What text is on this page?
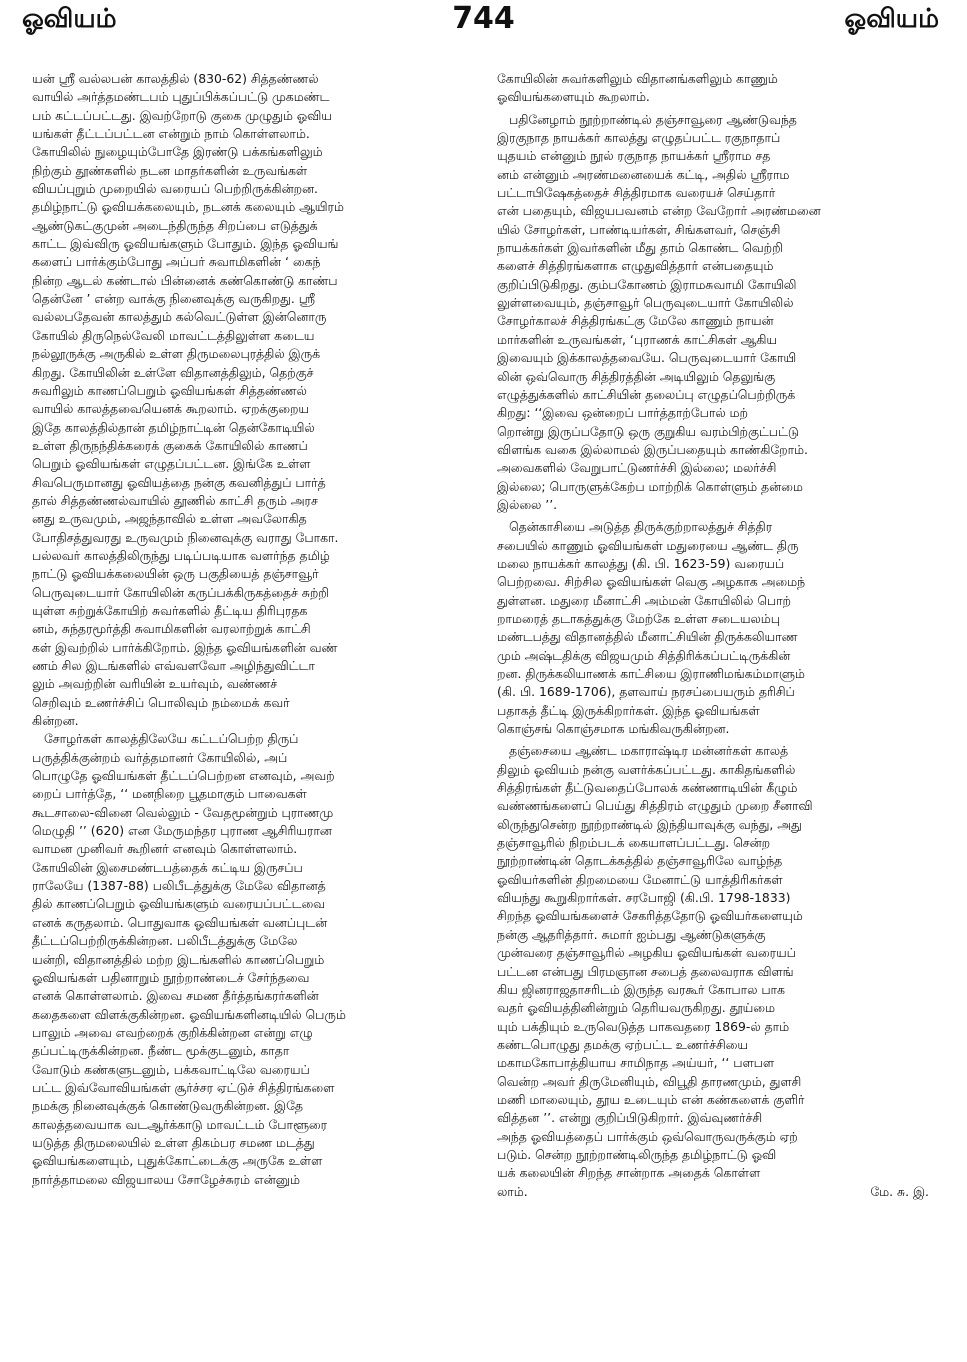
ஓவியம்	744	ஓவியம்
யன் ஸ்ரீ வல்லபன் காலத்தில் (830-62) சித்தண்ணல்
வாயில் அர்த்தமண்டபம் புதுப்பிக்கப்பட்டு முகமண்ட
பம் கட்டப்பட்டது. இவற்றோடு குகை முழுதும் ஓவிய
யங்கள் தீட்டப்பட்டன என்றும் நாம் கொள்ளலாம்.
கோயிலில் நுழையும்போதே இரண்டு பக்கங்களிலும்
நிற்கும் தூண்களில் நடன மாதர்களின் உருவங்கள்
வியப்புறும் முறையில் வரையப் பெற்றிருக்கின்றன.
தமிழ்நாட்டு ஓவியக்கலையும், நடனக் கலையும் ஆயிரம்
ஆண்டுகட்குமுன் அடைந்திருந்த சிறப்பை எடுத்துக்
காட்ட இவ்விரு ஓவியங்களும் போதும். இந்த ஓவியங்
களைப் பார்க்கும்போது அப்பர் சுவாமிகளின் ‘ கைந்
நின்ற ஆடல் கண்டால் பின்னைக் கண்கொண்டு காண்ப
தென்னே ’ என்ற வாக்கு நினைவுக்கு வருகிறது. ஸ்ரீ
வல்லபதேவன் காலத்தும் கல்வெட்டுள்ள இன்னொரு
கோயில் திருநெல்வேலி மாவட்டத்திலுள்ள கடைய
நல்லூருக்கு அருகில் உள்ள திருமலைபுரத்தில் இருக்
கிறது. கோயிலின் உள்ளே விதானத்திலும், தெற்குச்
சுவரிலும் காணப்பெறும் ஓவியங்கள் சித்தண்ணல்
வாயில் காலத்தவையெனக் கூறலாம். ஏறக்குறைய
இதே காலத்தில்தான் தமிழ்நாட்டின் தென்கோடியில்
உள்ள திருநந்திக்கரைக் குகைக் கோயிலில் காணப்
பெறும் ஓவியங்கள் எழுதப்பட்டன. இங்கே உள்ள
சிவபெருமானது ஓவியத்தை நன்கு கவனித்துப் பார்த்
தால் சித்தண்ணல்வாயில் தூணில் காட்சி தரும் அரச
னது உருவமும், அஜந்தாவில் உள்ள அவலோகித
போதிசத்துவரது உருவமும் நினைவுக்கு வராது போகா.
பல்லவர் காலத்திலிருந்து படிப்படியாக வளர்ந்த தமிழ்
நாட்டு ஓவியக்கலையின் ஒரு பகுதியைத் தஞ்சாவூர்
பெருவுடையார் கோயிலின் கருப்பக்கிருகத்தைச் சுற்றி
யுள்ள சுற்றுக்கோயிற் சுவர்களில் தீட்டிய திரிபுரதக
னம், சுந்தரமூர்த்தி சுவாமிகளின் வரலாற்றுக் காட்சி
கள் இவற்றில் பார்க்கிறோம். இந்த ஓவியங்களின் வண்
ணம் சில இடங்களில் எவ்வளவோ அழிந்துவிட்டா
லும் அவற்றின் வரியின் உயர்வும், வண்ணச்
செறிவும் உணர்ச்சிப் பொலிவும் நம்மைக் கவர்
கின்றன.
சோழர்கள் காலத்திலேயே கட்டப்பெற்ற திருப்
பருத்திக்குன்றம் வர்த்தமானர் கோயிலில், அப்
பொழுதே ஓவியங்கள் தீட்டப்பெற்றன எனவும், அவற்
றைப் பார்த்தே, ‘‘ மனநிறை பூதமாகும் பாவைகள்
கூடசாலை-வினை வெல்லும் - வேதமூன்றும் புராணமு
மெழுதி ’’ (620) என மேருமந்தர புராண ஆசிரியரான
வாமன முனிவர் கூறினர் எனவும் கொள்ளலாம்.
கோயிலின் இசைமண்டபத்தைக் கட்டிய இருசப்ப
ராலேயே (1387-88) பலிபீடத்துக்கு மேலே விதானத்
தில் காணப்பெறும் ஓவியங்களும் வரையப்பட்டவை
எனக் கருதலாம். பொதுவாக ஓவியங்கள் வனப்புடன்
தீட்டப்பெற்றிருக்கின்றன. பலிபீடத்துக்கு மேலே
யன்றி, விதானத்தில் மற்ற இடங்களில் காணப்பெறும்
ஓவியங்கள் பதினாறும் நூற்றாண்டைச் சேர்ந்தவை
எனக் கொள்ளலாம். இவை சமண தீர்த்தங்கரர்களின்
கதைகளை விளக்குகின்றன. ஓவியங்களினடியில் பெரும்
பாலும் அவை எவற்றைக் குறிக்கின்றன என்று எழு
தப்பட்டிருக்கின்றன. நீண்ட மூக்குடனும், காதா
வோடும் கண்களுடனும், பக்கவாட்டிலே வரையப்
பட்ட இவ்வோவியங்கள் சூர்ச்சர ஏட்டுச் சித்திரங்களை
நமக்கு நினைவுக்குக் கொண்டுவருகின்றன. இதே
காலத்தவையாக வடஆர்க்காடு மாவட்டம் போளூரை
யடுத்த திருமலையில் உள்ள திகம்பர சமண மடத்து
ஓவியங்களையும், புதுக்கோட்டைக்கு அருகே உள்ள
நார்த்தாமலை விஜயாலய சோழேச்சுரம் என்னும்
கோயிலின் சுவர்களிலும் விதானங்களிலும் காணும்
ஓவியங்களையும் கூறலாம்.
பதினேழாம் நூற்றாண்டில் தஞ்சாவூரை ஆண்டுவந்த
இரகுநாத நாயக்கர் காலத்து எழுதப்பட்ட ரகுநாதாப்
யுதயம் என்னும் நூல் ரகுநாத நாயக்கர் ஸ்ரீராம சத
னம் என்னும் அரண்மனையைக் கட்டி, அதில் ஸ்ரீராம
பட்டாபிஷேகத்தைச் சித்திரமாக வரையச் செய்தார்
என் பதையும், விஜயபவனம் என்ற வேறோர் அரண்மனை
யில் சோழர்கள், பாண்டியர்கள், சிங்களவர், செஞ்சி
நாயக்கர்கள் இவர்களின் மீது தாம் கொண்ட வெற்றி
களைச் சித்திரங்களாக எழுதுவித்தார் என்பதையும்
குறிப்பிடுகிறது. கும்பகோணம் இராமசுவாமி கோயிலி
லுள்ளவையும், தஞ்சாவூர் பெருவுடையார் கோயிலில்
சோழர்காலச் சித்திரங்கட்கு மேலே காணும் நாயன்
மார்களின் உருவங்கள், ‘புராணக் காட்சிகள் ஆகிய
இவையும் இக்காலத்தவையே. பெருவுடையார் கோயி
லின் ஒவ்வொரு சித்திரத்தின் அடியிலும் தெலுங்கு
எழுத்துக்களில் காட்சியின் தலைப்பு எழுதப்பெற்றிருக்
கிறது: ‘‘இவை ஒன்றைப் பார்த்தாற்போல் மற்
றொன்று இருப்பதோடு ஒரு குறுகிய வரம்பிற்குட்பட்டு
விளங்க வகை இல்லாமல் இருப்பதையும் காண்கிறோம்.
அவைகளில் வேறுபாட்டுணர்ச்சி இல்லை; மலர்ச்சி
இல்லை; பொருளுக்கேற்ப மாற்றிக் கொள்ளும் தன்மை
இல்லை ’’.
தென்காசியை அடுத்த திருக்குற்றாலத்துச் சித்திர
சபையில் காணும் ஓவியங்கள் மதுரையை ஆண்ட திரு
மலை நாயக்கர் காலத்து (கி. பி. 1623-59) வரையப்
பெற்றவை. சிற்சில ஓவியங்கள் வெகு அழகாக அமைந்
துள்ளன. மதுரை மீனாட்சி அம்மன் கோயிலில் பொற்
றாமரைத் தடாகத்துக்கு மேற்கே உள்ள சடையலம்பு
மண்டபத்து விதானத்தில் மீனாட்சியின் திருக்கலியாண
மும் அஷ்டதிக்கு விஜயமும் சித்திரிக்கப்பட்டிருக்கின்
றன. திருக்கலியாணக் காட்சியை இராணிமங்கம்மாளும்
(கி. பி. 1689-1706), தளவாய் நரசப்பையரும் தரிசிப்
பதாகத் தீட்டி இருக்கிறார்கள். இந்த ஓவியங்கள்
கொஞ்சங் கொஞ்சமாக மங்கிவருகின்றன.
தஞ்சையை ஆண்ட மகாராஷ்டிர மன்னர்கள் காலத்
திலும் ஓவியம் நன்கு வளர்க்கப்பட்டது. காகிதங்களில்
சித்திரங்கள் தீட்டுவதைப்போலக் கண்ணாடியின் கீழும்
வண்ணங்களைப் பெய்து சித்திரம் எழுதும் முறை சீனாவி
லிருந்துசென்ற நூற்றாண்டில் இந்தியாவுக்கு வந்து, அது
தஞ்சாவூரில் நிறம்படக் கையாளப்பட்டது. சென்ற
நூற்றாண்டின் தொடக்கத்தில் தஞ்சாவூரிலே வாழ்ந்த
ஓவியர்களின் திறமையை மேனாட்டு யாத்திரிகர்கள்
வியந்து கூறுகிறார்கள். சரபோஜி (கி.பி. 1798-1833)
சிறந்த ஓவியங்களைச் சேகரித்ததோடு ஓவியர்களையும்
நன்கு ஆதரித்தார். சுமார் ஐம்பது ஆண்டுகளுக்கு
முன்வரை தஞ்சாவூரில் அழகிய ஓவியங்கள் வரையப்
பட்டன என்பது பிரமஞான சபைத் தலைவராக விளங்
கிய ஜினராஜதாசரிடம் இருந்த வரகூர் கோபால பாக
வதர் ஓவியத்தினின்றும் தெரியவருகிறது. தூய்மை
யும் பக்தியும் உருவெடுத்த பாகவதரை 1869-ல் தாம்
கண்டபொழுது தமக்கு ஏற்பட்ட உணர்ச்சியை
மகாமகோபாத்தியாய சாமிநாத அய்யர், ‘‘ பளபள
வென்ற அவர் திருமேனியும், விபூதி தாரணமும், துளசி
மணி மாலையும், தூய உடையும் என் கண்களைக் குளிர்
வித்தன ’’. என்று குறிப்பிடுகிறார். இவ்வுணர்ச்சி
அந்த ஓவியத்தைப் பார்க்கும் ஒவ்வொருவருக்கும் ஏற்
படும். சென்ற நூற்றாண்டிலிருந்த தமிழ்நாட்டு ஓவி
யக் கலையின் சிறந்த சான்றாக அதைக் கொள்ள
லாம்.	மே. சு. இ.
